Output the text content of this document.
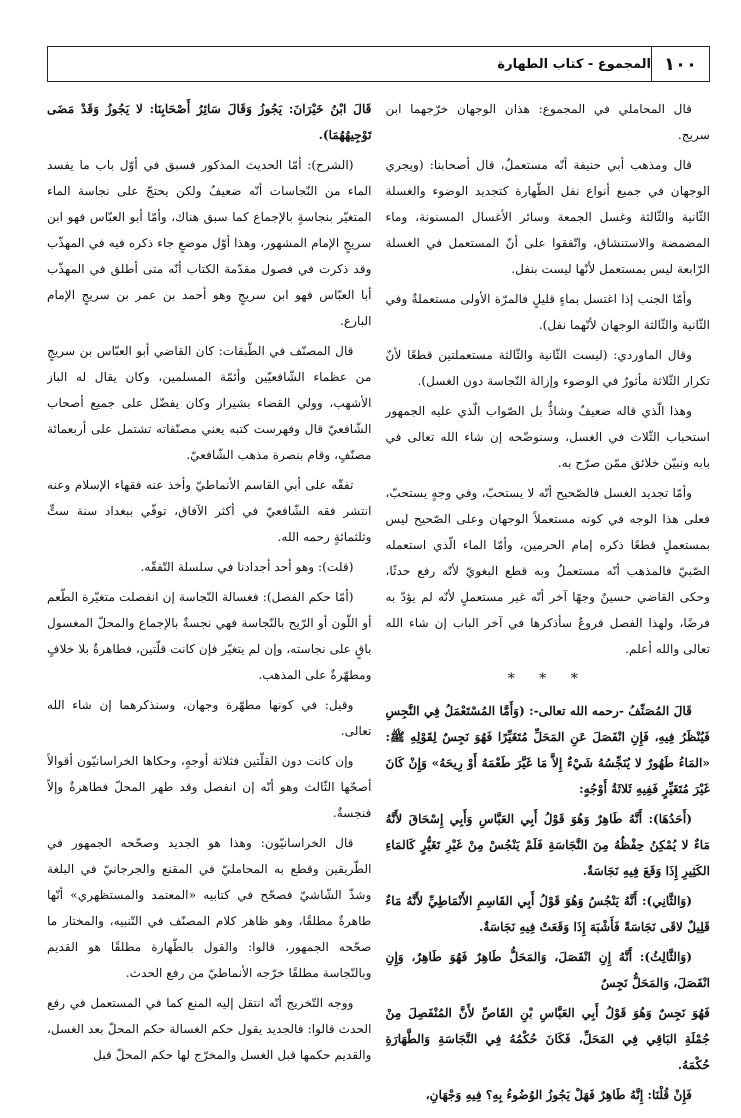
١٠٠
المجموع - كتاب الطهارة

قال المحاملي في المجموع: هذان الوجهان خرّجهما ابن سريج.

قال ومذهب أبي حنيفة أنّه مستعملٌ، قال أصحابنا: (ويجري الوجهان في جميع أنواع نفل الطّهارة كتجديد الوضوء والغسلة الثّانية والثّالثة وغسل الجمعة وسائر الأغسال المسنونة، وماء المضمضة والاستنشاق، واتّفقوا على أنّ المستعمل في الغسلة الرّابعة ليس بمستعمل لأنّها ليست بنفل.

وأمّا الجنب إذا اغتسل بماءٍ قليلٍ فالمرّة الأولى مستعملةٌ وفي الثّانية والثّالثة الوجهان لأنّهما نفل).

وقال الماوردي: (ليست الثّانية والثّالثة مستعملتين قطعًا لأنّ تكرار الثّلاثة مأثورٌ في الوضوء وإزالة النّجاسة دون الغسل).

وهذا الّذي قاله ضعيفٌ وشاذٌّ بل الصّواب الّذي عليه الجمهور استحباب الثّلاث في الغسل، وسنوضّحه إن شاء الله تعالى في بابه ونبيّن خلائق ممّن صرّح به.

وأمّا تجديد الغسل فالصّحيح أنّه لا يستحبّ، وفي وجهٍ يستحبّ، فعلى هذا الوجه في كونه مستعملاً الوجهان وعلى الصّحيح ليس بمستعملٍ قطعًا ذكره إمام الحرمين، وأمّا الماء الّذي استعمله الصّبيّ فالمذهب أنّه مستعملٌ وبه قطع البغويّ لأنّه رفع حدثًا، وحكى القاضي حسينٌ وجهًا آخر أنّه غير مستعملٍ لأنّه لم يؤدّ به فرضًا، ولهذا الفصل فروعٌ سأذكرها في آخر الباب إن شاء الله تعالى والله أعلم.

* * *

قَالَ المُصَنِّفُ -رحمه الله تعالى-: (وَأَمَّا المُسْتَعْمَلُ فِي النَّجِسِ فَيُنْظَرُ فِيهِ، فَإِنِ انْفَصَلَ عَنِ المَحَلِّ مُتَغَيِّرًا فَهُوَ نَجِسٌ لِقَوْلِهِ ﷺ: «المَاءُ طَهُورٌ لا يُنَجِّسُهُ شَيْءٌ إِلاَّ مَا غَيَّرَ طَعْمَهُ أَوْ رِيحَهُ» وَإِنْ كَانَ غَيْرَ مُتَغَيِّرٍ فَفِيهِ ثَلاثَةُ أَوْجُهٍ:

(أَحَدُهَا): أَنَّهُ طَاهِرٌ وَهُوَ قَوْلُ أَبِي العَبَّاسِ وَأَبِي إِسْحَاقَ لأَنَّهُ مَاءٌ لا يُمْكِنُ حِفْظُهُ مِنَ النَّجَاسَةِ فَلَمْ يَنْجُسْ مِنْ غَيْرِ تَغَيُّرٍ كَالمَاءِ الكَثِيرِ إِذَا وَقَعَ فِيهِ نَجَاسَةٌ.

(وَالثَّانِي): أَنَّهُ يَنْجُسُ وَهُوَ قَوْلُ أَبِي القَاسِمِ الأَنْمَاطِيِّ لأَنَّهُ مَاءٌ قَلِيلٌ لاقَى نَجَاسَةً فَأَشْبَهَ إِذَا وَقَعَتْ فِيهِ نَجَاسَةٌ.

(وَالثَّالِثُ): أَنَّهُ إِنِ انْفَصَلَ، وَالمَحَلُّ طَاهِرٌ فَهُوَ طَاهِرٌ، وَإِنِ انْفَصَلَ، وَالمَحَلُّ نَجِسٌ

فَهُوَ نَجِسٌ وَهُوَ قَوْلُ أَبِي العَبَّاسِ بْنِ القَاصِّ لأَنَّ المُنْفَصِلَ مِنْ جُمْلَةِ البَاقِي فِي المَحَلِّ، فَكَانَ حُكْمُهُ فِي النَّجَاسَةِ وَالطَّهَارَةِ حُكْمَهُ.

فَإِنْ قُلْنَا: إِنَّهُ طَاهِرٌ فَهَلْ يَجُوزُ الوُضُوءُ بِهِ؟ فِيهِ وَجْهَانِ،

قَالَ ابْنُ خَيْرَانَ: يَجُوزُ وَقَالَ سَائِرُ أَصْحَابِنَا: لا يَجُوزُ وَقَدْ مَضَى تَوْجِيهُهُمَا).

(الشرح): أمّا الحديث المذكور فسبق في أوّل باب ما يفسد الماء من النّجاسات أنّه ضعيفٌ ولكن يحتجّ على نجاسة الماء المتغيّر بنجاسةٍ بالإجماع كما سبق هناك، وأمّا أبو العبّاس فهو ابن سريجٍ الإمام المشهور، وهذا أوّل موضعٍ جاء ذكره فيه في المهذّب وقد ذكرت في فصول مقدّمة الكتاب أنّه متى أطلق في المهذّب أبا العبّاس فهو ابن سريجٍ وهو أحمد بن عمر بن سريجٍ الإمام البارع.

قال المصنّف في الطّبقات: كان القاضي أبو العبّاس بن سريجٍ من عظماء الشّافعيّين وأئمّة المسلمين، وكان يقال له الباز الأشهب، وولي القضاء بشيراز وكان يفضّل على جميع أصحاب الشّافعيّ قال وفهرست كتبه يعني مصنّفاته تشتمل على أربعمائة مصنّفٍ، وقام بنصرة مذهب الشّافعيّ.

تفقّه على أبي القاسم الأنماطيّ وأخذ عنه فقهاء الإسلام وعنه انتشر فقه الشّافعيّ في أكثر الآفاق، توفّي ببغداد سنة ستٍّ وثلثمائةٍ رحمه الله.

(قلت): وهو أحد أجدادنا في سلسلة التّفقّه.

(أمّا حكم الفصل): فغسالة النّجاسة إن انفصلت متغيّرة الطّعم أو اللّون أو الرّيح بالنّجاسة فهي نجسةٌ بالإجماع والمحلّ المغسول باقٍ على نجاسته، وإن لم يتغيّر فإن كانت قلّتين، فطاهرةٌ بلا خلافٍ ومطهّرةٌ على المذهب.

وقيل: في كونها مطهّرة وجهان، وسنذكرهما إن شاء الله تعالى.

وإن كانت دون القلّتين فثلاثة أوجهٍ، وحكاها الخراسانيّون أقوالاً أصحّها الثّالث وهو أنّه إن انفصل وقد طهر المحلّ فطاهرةٌ وإلاّ فنجسةٌ.

قال الخراسانيّون: وهذا هو الجديد وصحّحه الجمهور في الطّريقين وقطع به المحامليّ في المقنع والجرجانيّ في البلغة وشذّ الشّاشيّ فصحّح في كتابيه «المعتمد والمستظهري» أنّها طاهرةٌ مطلقًا، وهو ظاهر كلام المصنّف في التّنبيه، والمختار ما صحّحه الجمهور، قالوا: والقول بالطّهارة مطلقًا هو القديم وبالنّجاسة مطلقًا خرّجه الأنماطيّ من رفع الحدث.

ووجه التّخريج أنّه انتقل إليه المنع كما في المستعمل في رفع الحدث قالوا: فالجديد يقول حكم الغسالة حكم المحلّ بعد الغسل، والقديم حكمها قبل الغسل والمخرّج لها حكم المحلّ قبل
